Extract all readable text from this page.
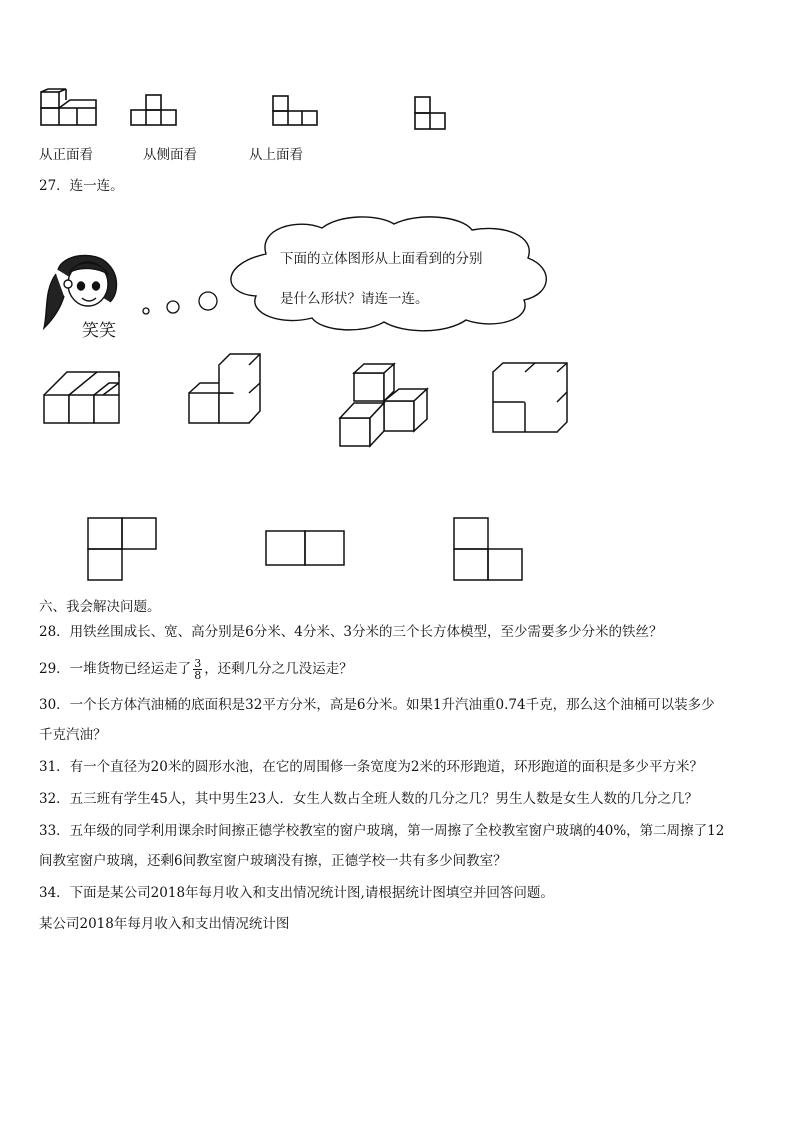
从正面看	从侧面看	从上面看
27．连一连。
笑笑
下面的立体图形从上面看到的分别
是什么形状？请连一连。
六、我会解决问题。
28．用铁丝围成长、宽、高分别是6分米、4分米、3分米的三个长方体模型，至少需要多少分米的铁丝？
29．一堆货物已经运走了 $\frac{3}{8}$ ，还剩几分之几没运走？
30．一个长方体汽油桶的底面积是32平方分米，高是6分米。如果1升汽油重0.74千克，那么这个油桶可以装多少
千克汽油？
31．有一个直径为20米的圆形水池，在它的周围修一条宽度为2米的环形跑道，环形跑道的面积是多少平方米？
32．五三班有学生45人，其中男生23人．女生人数占全班人数的几分之几？男生人数是女生人数的几分之几？
33．五年级的同学利用课余时间擦正德学校教室的窗户玻璃，第一周擦了全校教室窗户玻璃的40%，第二周擦了12
间教室窗户玻璃，还剩6间教室窗户玻璃没有擦，正德学校一共有多少间教室？
34．下面是某公司2018年每月收入和支出情况统计图,请根据统计图填空并回答问题。
某公司2018年每月收入和支出情况统计图
